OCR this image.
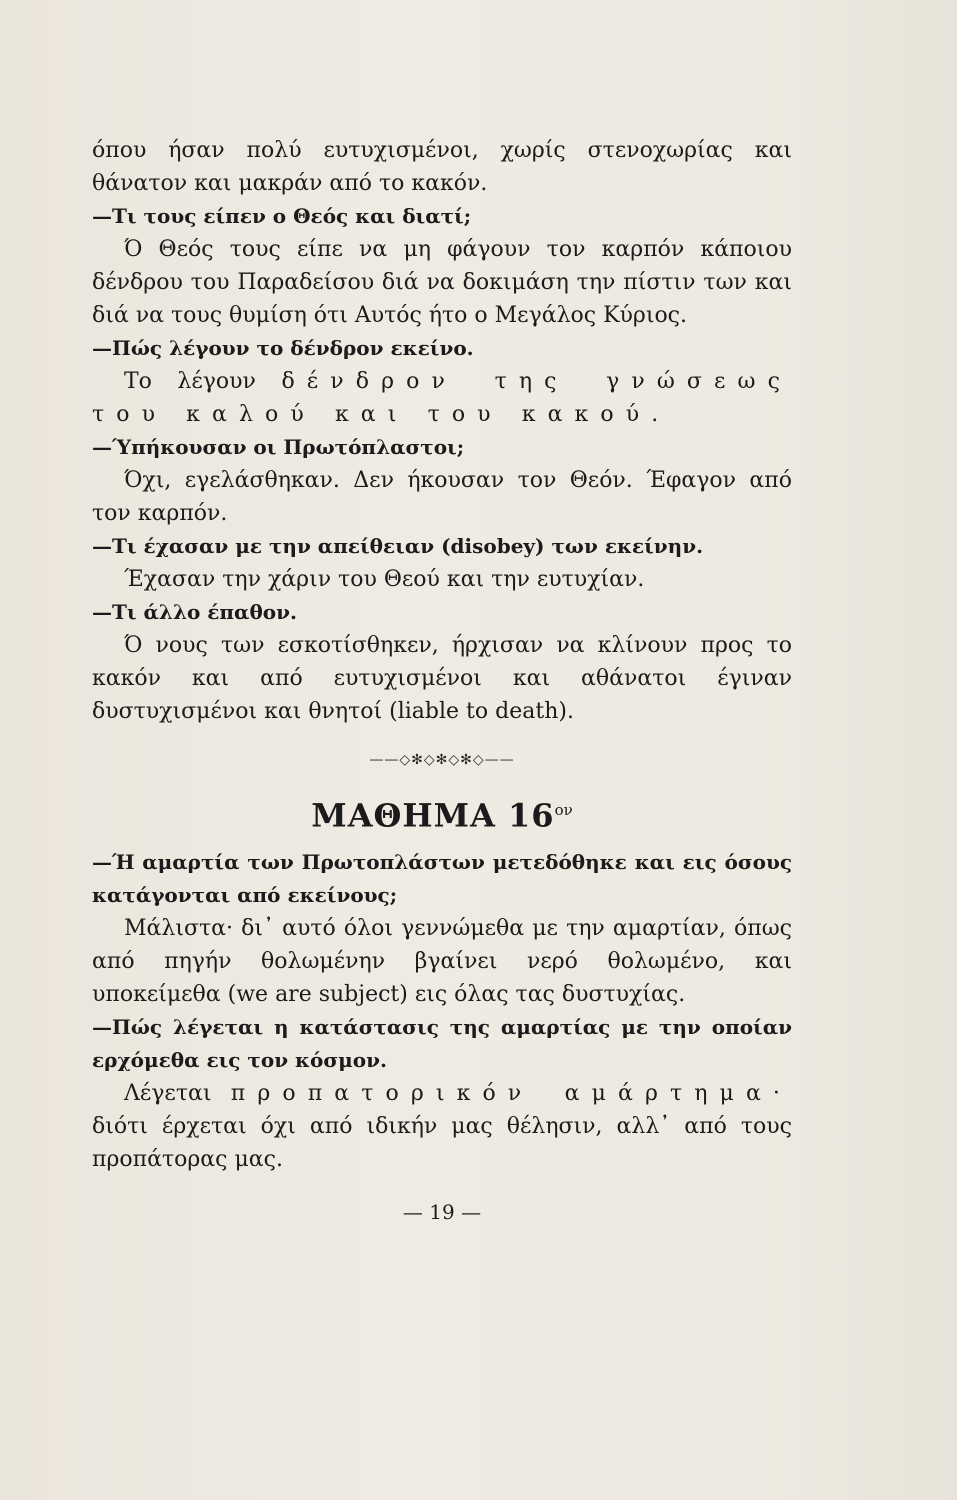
όπου ήσαν πολύ ευτυχισμένοι, χωρίς στενοχωρίας και θάνατον και μακράν από το κακόν.

—Τι τους είπεν ο Θεός και διατί;

Ό Θεός τους είπε να μη φάγουν τον καρπόν κάποιου δένδρου του Παραδείσου διά να δοκιμάση την πίστιν των και διά να τους θυμίση ότι Αυτός ήτο ο Μεγάλος Κύριος.

—Πώς λέγουν το δένδρον εκείνο.

Το λέγουν δένδρον της γνώσεως του καλού και του κακού.

—Ύπήκουσαν οι Πρωτόπλαστοι;

Όχι, εγελάσθηκαν. Δεν ήκουσαν τον Θεόν. Έφαγον από τον καρπόν.

—Τι έχασαν με την απείθειαν (disobey) των εκείνην.

Έχασαν την χάριν του Θεού και την ευτυχίαν.

—Τι άλλο έπαθον.

Ό νους των εσκοτίσθηκεν, ήρχισαν να κλίνουν προς το κακόν και από ευτυχισμένοι και αθάνατοι έγιναν δυστυχισμένοι και θνητοί (liable to death).

——◇✻◇✻◇✻◇——
ΜΑΘΗΜΑ $16^{o\nu}$

—Ή αμαρτία των Πρωτοπλάστων μετεδόθηκε και εις όσους κατάγονται από εκείνους;

Μάλιστα· δι᾿ αυτό όλοι γεννώμεθα με την αμαρτίαν, όπως από πηγήν θολωμένην βγαίνει νερό θολωμένο, και υποκείμεθα (we are subject) εις όλας τας δυστυχίας.

—Πώς λέγεται η κατάστασις της αμαρτίας με την οποίαν ερχόμεθα εις τον κόσμον.

Λέγεται προπατορικόν αμάρτημα· διότι έρχεται όχι από ιδικήν μας θέλησιν, αλλ᾿ από τους προπάτορας μας.

— 19 —
